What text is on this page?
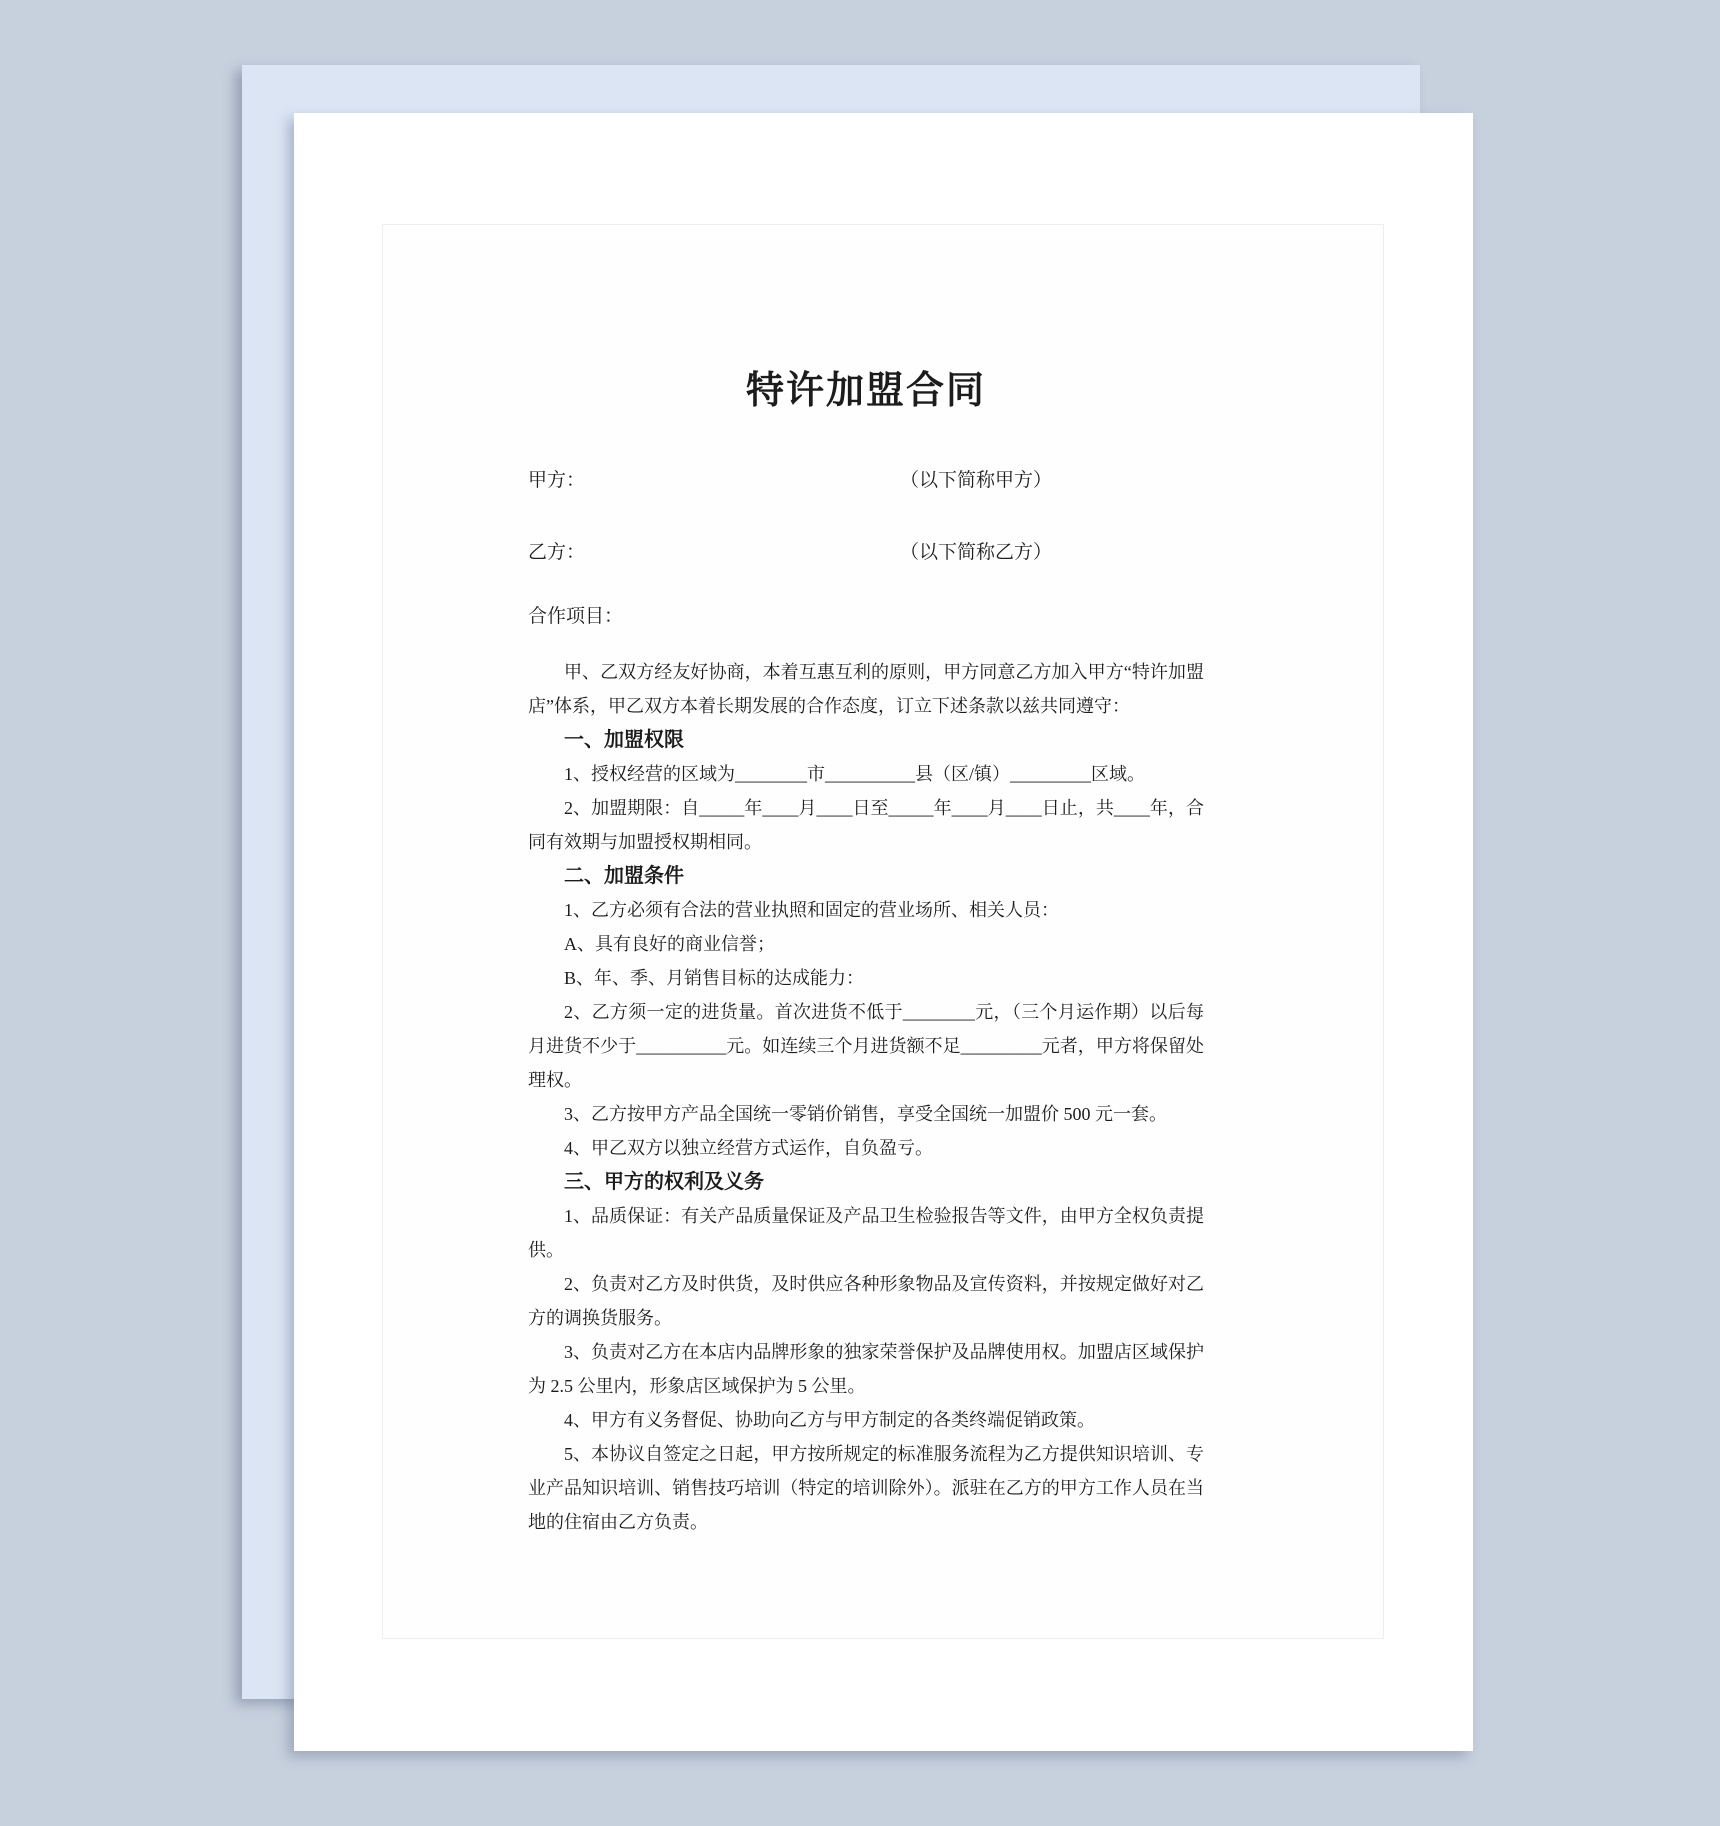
特许加盟合同
甲方：	（以下简称甲方）
乙方：	（以下简称乙方）
合作项目：

甲、乙双方经友好协商，本着互惠互利的原则，甲方同意乙方加入甲方“特许加盟店”体系，甲乙双方本着长期发展的合作态度，订立下述条款以兹共同遵守：

一、加盟权限

1、授权经营的区域为________市__________县（区/镇）_________区域。

2、加盟期限：自_____年____月____日至_____年____月____日止，共____年，合同有效期与加盟授权期相同。

二、加盟条件

1、乙方必须有合法的营业执照和固定的营业场所、相关人员：

A、具有良好的商业信誉；

B、年、季、月销售目标的达成能力：

2、乙方须一定的进货量。首次进货不低于________元，（三个月运作期）以后每月进货不少于__________元。如连续三个月进货额不足_________元者，甲方将保留处理权。

3、乙方按甲方产品全国统一零销价销售，享受全国统一加盟价 500 元一套。

4、甲乙双方以独立经营方式运作，自负盈亏。

三、甲方的权利及义务

1、品质保证：有关产品质量保证及产品卫生检验报告等文件，由甲方全权负责提供。

2、负责对乙方及时供货，及时供应各种形象物品及宣传资料，并按规定做好对乙方的调换货服务。

3、负责对乙方在本店内品牌形象的独家荣誉保护及品牌使用权。加盟店区域保护为 2.5 公里内，形象店区域保护为 5 公里。

4、甲方有义务督促、协助向乙方与甲方制定的各类终端促销政策。

5、本协议自签定之日起，甲方按所规定的标准服务流程为乙方提供知识培训、专业产品知识培训、销售技巧培训（特定的培训除外）。派驻在乙方的甲方工作人员在当地的住宿由乙方负责。
